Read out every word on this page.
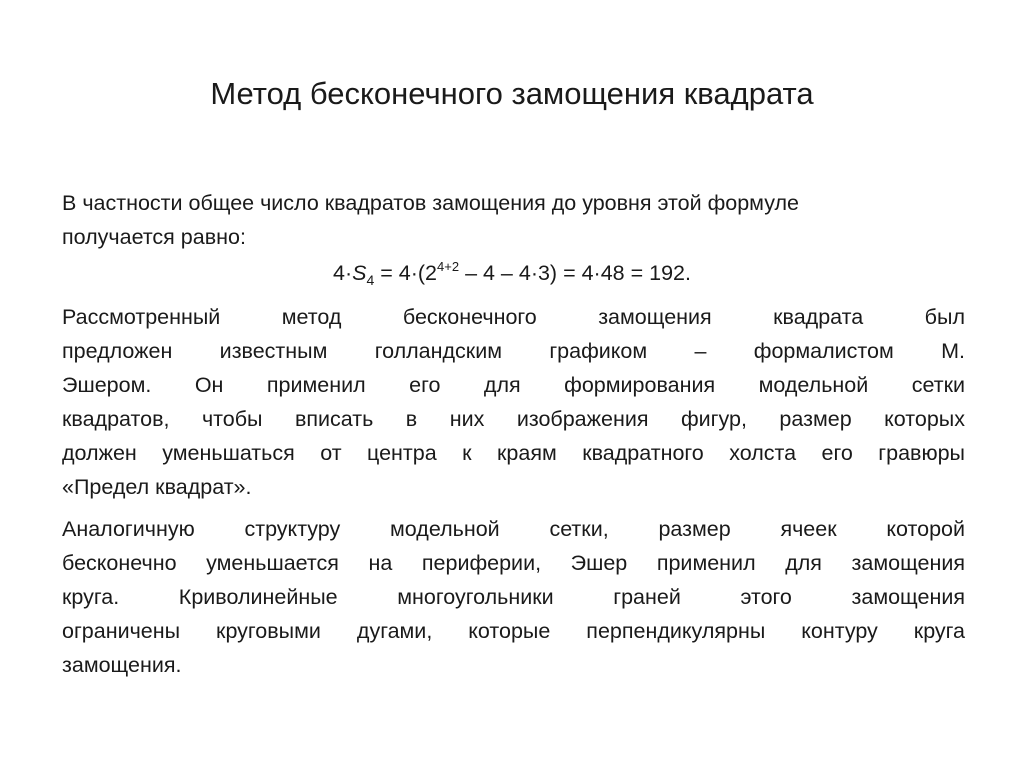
Метод бесконечного замощения квадрата
В частности общее число квадратов замощения до уровня этой формуле
получается равно:
$4\cdot S_4 = 4\cdot(2^{4+2} - 4 - 4\cdot 3) = 4\cdot 48 = 192$.
Рассмотренный метод бесконечного замощения квадрата был
предложен известным голландским графиком – формалистом М.
Эшером. Он применил его для формирования модельной сетки
квадратов, чтобы вписать в них изображения фигур, размер которых
должен уменьшаться от центра к краям квадратного холста его гравюры
«Предел квадрат».
Аналогичную структуру модельной сетки, размер ячеек которой
бесконечно уменьшается на периферии, Эшер применил для замощения
круга. Криволинейные многоугольники граней этого замощения
ограничены круговыми дугами, которые перпендикулярны контуру круга
замощения.
